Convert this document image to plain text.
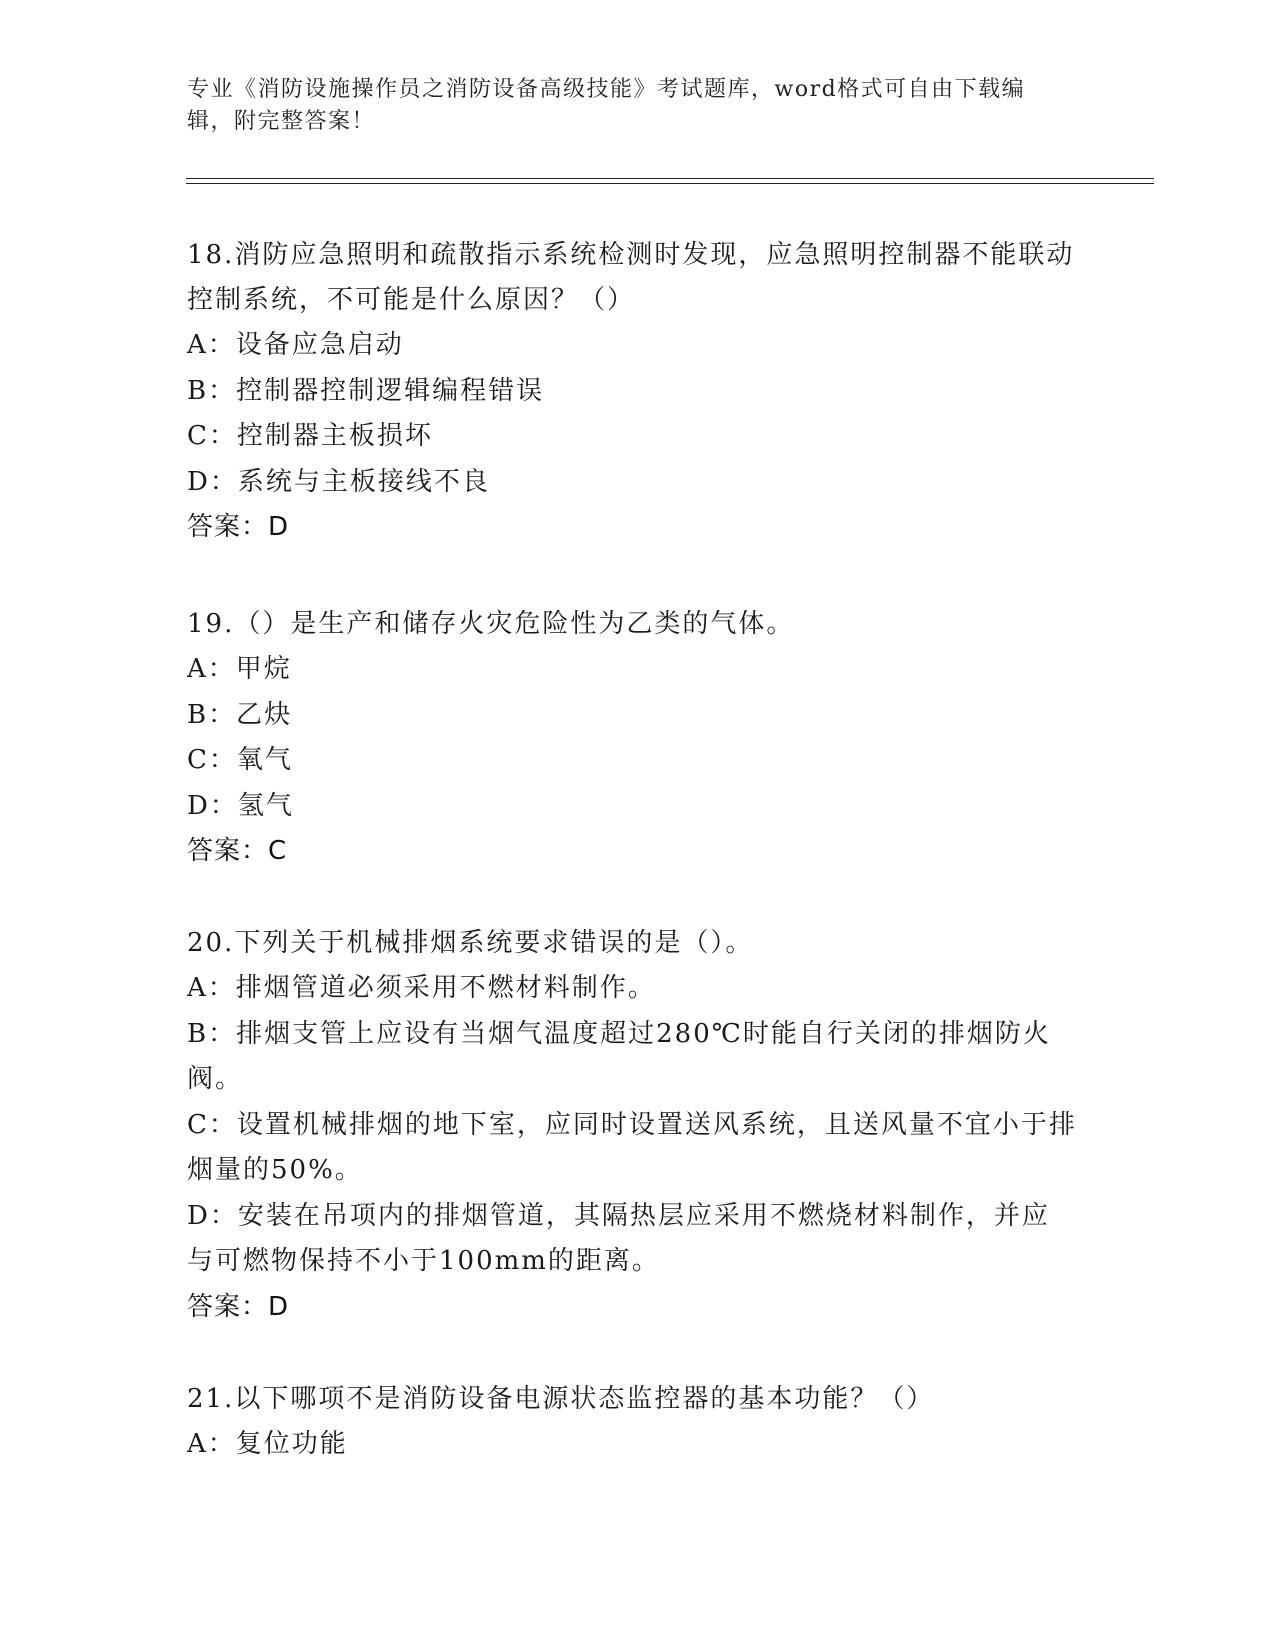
专业《消防设施操作员之消防设备高级技能》考试题库，word格式可自由下载编辑，附完整答案！

18.消防应急照明和疏散指示系统检测时发现，应急照明控制器不能联动控制系统，不可能是什么原因？（）

A：设备应急启动

B：控制器控制逻辑编程错误

C：控制器主板损坏

D：系统与主板接线不良

答案：D

19.（）是生产和储存火灾危险性为乙类的气体。

A：甲烷

B：乙炔

C：氧气

D：氢气

答案：C

20.下列关于机械排烟系统要求错误的是（）。

A：排烟管道必须采用不燃材料制作。

B：排烟支管上应设有当烟气温度超过280℃时能自行关闭的排烟防火阀。

C：设置机械排烟的地下室，应同时设置送风系统，且送风量不宜小于排烟量的50%。

D：安装在吊项内的排烟管道，其隔热层应采用不燃烧材料制作，并应与可燃物保持不小于100mm的距离。

答案：D

21.以下哪项不是消防设备电源状态监控器的基本功能？（）

A：复位功能
